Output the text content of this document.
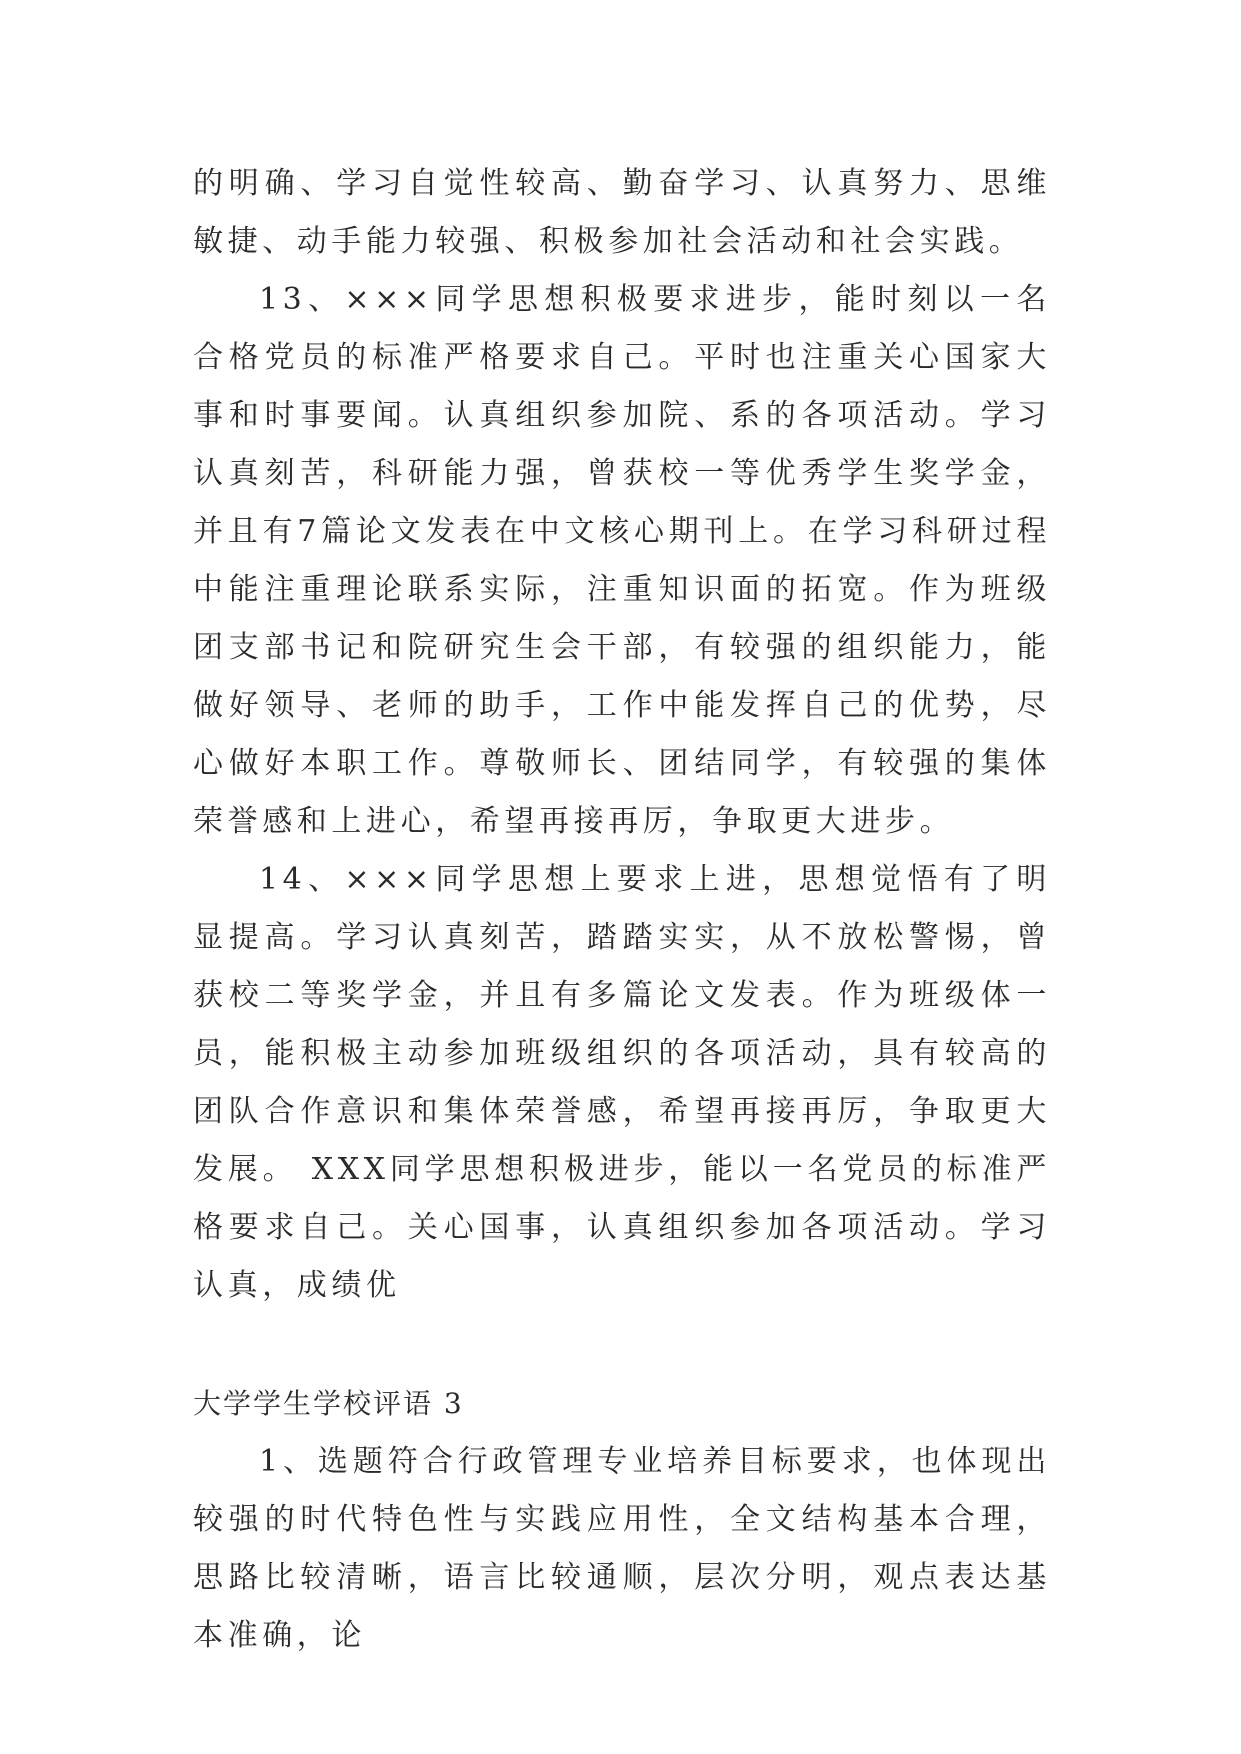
的明确、学习自觉性较高、勤奋学习、认真努力、思维敏捷、动手能力较强、积极参加社会活动和社会实践。

13、×××同学思想积极要求进步，能时刻以一名合格党员的标准严格要求自己。平时也注重关心国家大事和时事要闻。认真组织参加院、系的各项活动。学习认真刻苦，科研能力强，曾获校一等优秀学生奖学金，并且有7篇论文发表在中文核心期刊上。在学习科研过程中能注重理论联系实际，注重知识面的拓宽。作为班级团支部书记和院研究生会干部，有较强的组织能力，能做好领导、老师的助手，工作中能发挥自己的优势，尽心做好本职工作。尊敬师长、团结同学，有较强的集体荣誉感和上进心，希望再接再厉，争取更大进步。

14、×××同学思想上要求上进，思想觉悟有了明显提高。学习认真刻苦，踏踏实实，从不放松警惕，曾获校二等奖学金，并且有多篇论文发表。作为班级体一员，能积极主动参加班级组织的各项活动，具有较高的团队合作意识和集体荣誉感，希望再接再厉，争取更大发展。 XXX同学思想积极进步，能以一名党员的标准严格要求自己。关心国事，认真组织参加各项活动。学习认真，成绩优

大学学生学校评语 3

1、选题符合行政管理专业培养目标要求，也体现出较强的时代特色性与实践应用性，全文结构基本合理，思路比较清晰，语言比较通顺，层次分明，观点表达基本准确，论
